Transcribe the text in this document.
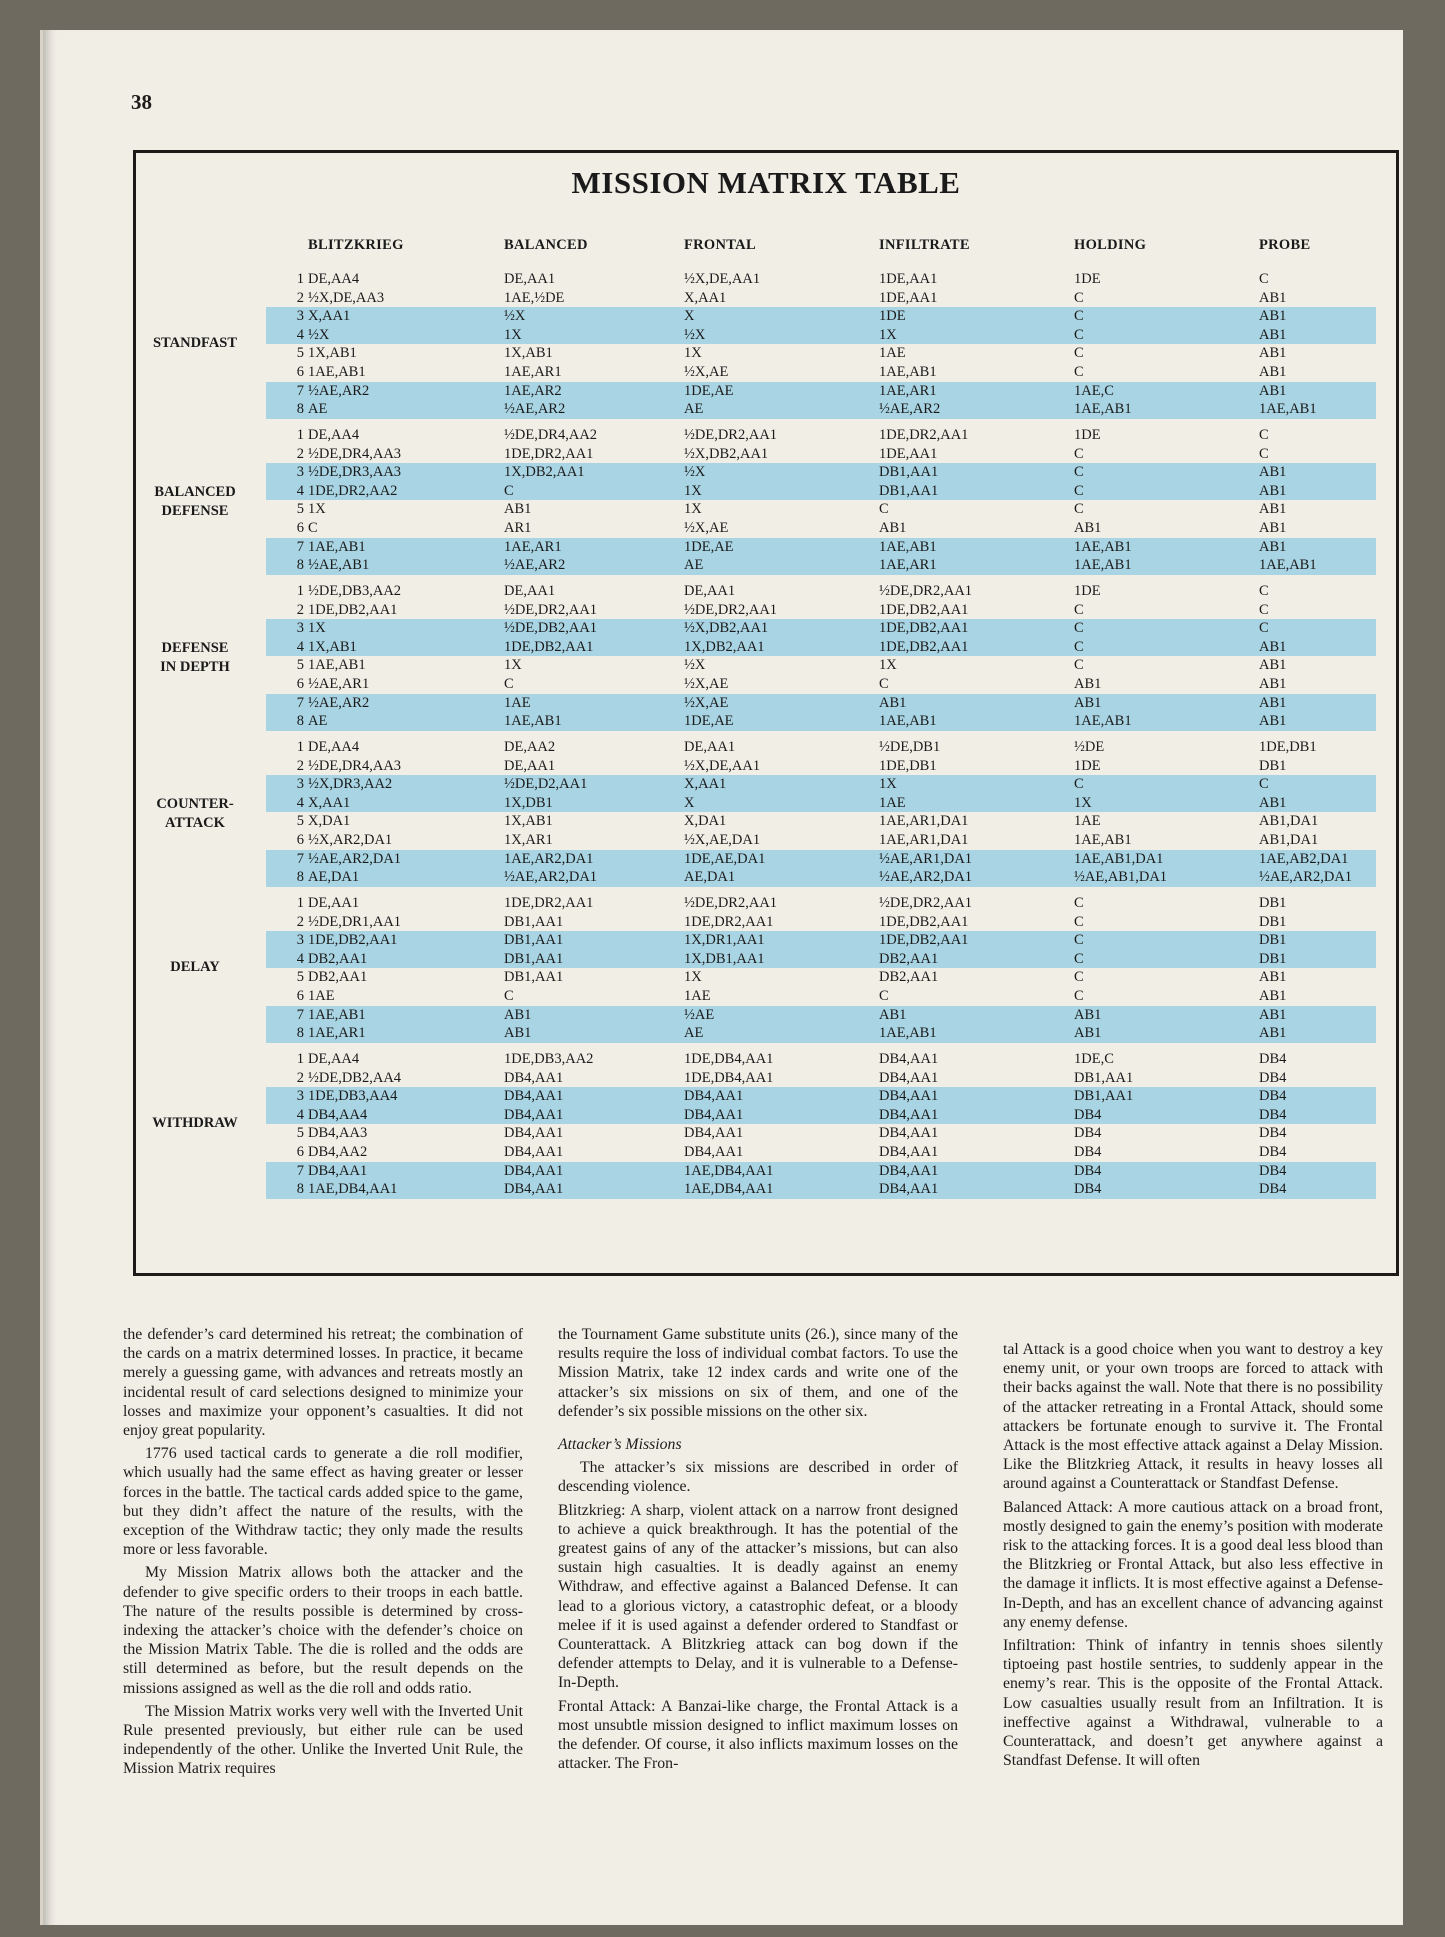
38
MISSION MATRIX TABLE
BLITZKRIEG	BALANCED	FRONTAL	INFILTRATE	HOLDING	PROBE
STANDFAST
1 DE,AA4	DE,AA1	½X,DE,AA1	1DE,AA1	1DE	C
2 ½X,DE,AA3	1AE,½DE	X,AA1	1DE,AA1	C	AB1
3 X,AA1	½X	X	1DE	C	AB1
4 ½X	1X	½X	1X	C	AB1
5 1X,AB1	1X,AB1	1X	1AE	C	AB1
6 1AE,AB1	1AE,AR1	½X,AE	1AE,AB1	C	AB1
7 ½AE,AR2	1AE,AR2	1DE,AE	1AE,AR1	1AE,C	AB1
8 AE	½AE,AR2	AE	½AE,AR2	1AE,AB1	1AE,AB1
BALANCED
DEFENSE
1 DE,AA4	½DE,DR4,AA2	½DE,DR2,AA1	1DE,DR2,AA1	1DE	C
2 ½DE,DR4,AA3	1DE,DR2,AA1	½X,DB2,AA1	1DE,AA1	C	C
3 ½DE,DR3,AA3	1X,DB2,AA1	½X	DB1,AA1	C	AB1
4 1DE,DR2,AA2	C	1X	DB1,AA1	C	AB1
5 1X	AB1	1X	C	C	AB1
6 C	AR1	½X,AE	AB1	AB1	AB1
7 1AE,AB1	1AE,AR1	1DE,AE	1AE,AB1	1AE,AB1	AB1
8 ½AE,AB1	½AE,AR2	AE	1AE,AR1	1AE,AB1	1AE,AB1
DEFENSE
IN DEPTH
1 ½DE,DB3,AA2	DE,AA1	DE,AA1	½DE,DR2,AA1	1DE	C
2 1DE,DB2,AA1	½DE,DR2,AA1	½DE,DR2,AA1	1DE,DB2,AA1	C	C
3 1X	½DE,DB2,AA1	½X,DB2,AA1	1DE,DB2,AA1	C	C
4 1X,AB1	1DE,DB2,AA1	1X,DB2,AA1	1DE,DB2,AA1	C	AB1
5 1AE,AB1	1X	½X	1X	C	AB1
6 ½AE,AR1	C	½X,AE	C	AB1	AB1
7 ½AE,AR2	1AE	½X,AE	AB1	AB1	AB1
8 AE	1AE,AB1	1DE,AE	1AE,AB1	1AE,AB1	AB1
COUNTER-
ATTACK
1 DE,AA4	DE,AA2	DE,AA1	½DE,DB1	½DE	1DE,DB1
2 ½DE,DR4,AA3	DE,AA1	½X,DE,AA1	1DE,DB1	1DE	DB1
3 ½X,DR3,AA2	½DE,D2,AA1	X,AA1	1X	C	C
4 X,AA1	1X,DB1	X	1AE	1X	AB1
5 X,DA1	1X,AB1	X,DA1	1AE,AR1,DA1	1AE	AB1,DA1
6 ½X,AR2,DA1	1X,AR1	½X,AE,DA1	1AE,AR1,DA1	1AE,AB1	AB1,DA1
7 ½AE,AR2,DA1	1AE,AR2,DA1	1DE,AE,DA1	½AE,AR1,DA1	1AE,AB1,DA1	1AE,AB2,DA1
8 AE,DA1	½AE,AR2,DA1	AE,DA1	½AE,AR2,DA1	½AE,AB1,DA1	½AE,AR2,DA1
DELAY
1 DE,AA1	1DE,DR2,AA1	½DE,DR2,AA1	½DE,DR2,AA1	C	DB1
2 ½DE,DR1,AA1	DB1,AA1	1DE,DR2,AA1	1DE,DB2,AA1	C	DB1
3 1DE,DB2,AA1	DB1,AA1	1X,DR1,AA1	1DE,DB2,AA1	C	DB1
4 DB2,AA1	DB1,AA1	1X,DB1,AA1	DB2,AA1	C	DB1
5 DB2,AA1	DB1,AA1	1X	DB2,AA1	C	AB1
6 1AE	C	1AE	C	C	AB1
7 1AE,AB1	AB1	½AE	AB1	AB1	AB1
8 1AE,AR1	AB1	AE	1AE,AB1	AB1	AB1
WITHDRAW
1 DE,AA4	1DE,DB3,AA2	1DE,DB4,AA1	DB4,AA1	1DE,C	DB4
2 ½DE,DB2,AA4	DB4,AA1	1DE,DB4,AA1	DB4,AA1	DB1,AA1	DB4
3 1DE,DB3,AA4	DB4,AA1	DB4,AA1	DB4,AA1	DB1,AA1	DB4
4 DB4,AA4	DB4,AA1	DB4,AA1	DB4,AA1	DB4	DB4
5 DB4,AA3	DB4,AA1	DB4,AA1	DB4,AA1	DB4	DB4
6 DB4,AA2	DB4,AA1	DB4,AA1	DB4,AA1	DB4	DB4
7 DB4,AA1	DB4,AA1	1AE,DB4,AA1	DB4,AA1	DB4	DB4
8 1AE,DB4,AA1	DB4,AA1	1AE,DB4,AA1	DB4,AA1	DB4	DB4

the defender’s card determined his retreat; the combination of the cards on a matrix determined losses. In practice, it became merely a guessing game, with advances and retreats mostly an incidental result of card selections designed to minimize your losses and maximize your opponent’s casualties. It did not enjoy great popularity.

1776 used tactical cards to generate a die roll modifier, which usually had the same effect as having greater or lesser forces in the battle. The tactical cards added spice to the game, but they didn’t affect the nature of the results, with the exception of the Withdraw tactic; they only made the results more or less favorable.

My Mission Matrix allows both the attacker and the defender to give specific orders to their troops in each battle. The nature of the results possible is determined by cross-indexing the attacker’s choice with the defender’s choice on the Mission Matrix Table. The die is rolled and the odds are still determined as before, but the result depends on the missions assigned as well as the die roll and odds ratio.

The Mission Matrix works very well with the Inverted Unit Rule presented previously, but either rule can be used independently of the other. Unlike the Inverted Unit Rule, the Mission Matrix requires

the Tournament Game substitute units (26.), since many of the results require the loss of individual combat factors. To use the Mission Matrix, take 12 index cards and write one of the attacker’s six missions on six of them, and one of the defender’s six possible missions on the other six.

Attacker’s Missions

The attacker’s six missions are described in order of descending violence.

Blitzkrieg: A sharp, violent attack on a narrow front designed to achieve a quick breakthrough. It has the potential of the greatest gains of any of the attacker’s missions, but can also sustain high casualties. It is deadly against an enemy Withdraw, and effective against a Balanced Defense. It can lead to a glorious victory, a catastrophic defeat, or a bloody melee if it is used against a defender ordered to Standfast or Counterattack. A Blitzkrieg attack can bog down if the defender attempts to Delay, and it is vulnerable to a Defense-In-Depth.

Frontal Attack: A Banzai-like charge, the Frontal Attack is a most unsubtle mission designed to inflict maximum losses on the defender. Of course, it also inflicts maximum losses on the attacker. The Fron-

tal Attack is a good choice when you want to destroy a key enemy unit, or your own troops are forced to attack with their backs against the wall. Note that there is no possibility of the attacker retreating in a Frontal Attack, should some attackers be fortunate enough to survive it. The Frontal Attack is the most effective attack against a Delay Mission. Like the Blitzkrieg Attack, it results in heavy losses all around against a Counterattack or Standfast Defense.

Balanced Attack: A more cautious attack on a broad front, mostly designed to gain the enemy’s position with moderate risk to the attacking forces. It is a good deal less blood than the Blitzkrieg or Frontal Attack, but also less effective in the damage it inflicts. It is most effective against a Defense-In-Depth, and has an excellent chance of advancing against any enemy defense.

Infiltration: Think of infantry in tennis shoes silently tiptoeing past hostile sentries, to suddenly appear in the enemy’s rear. This is the opposite of the Frontal Attack. Low casualties usually result from an Infiltration. It is ineffective against a Withdrawal, vulnerable to a Counterattack, and doesn’t get anywhere against a Standfast Defense. It will often
